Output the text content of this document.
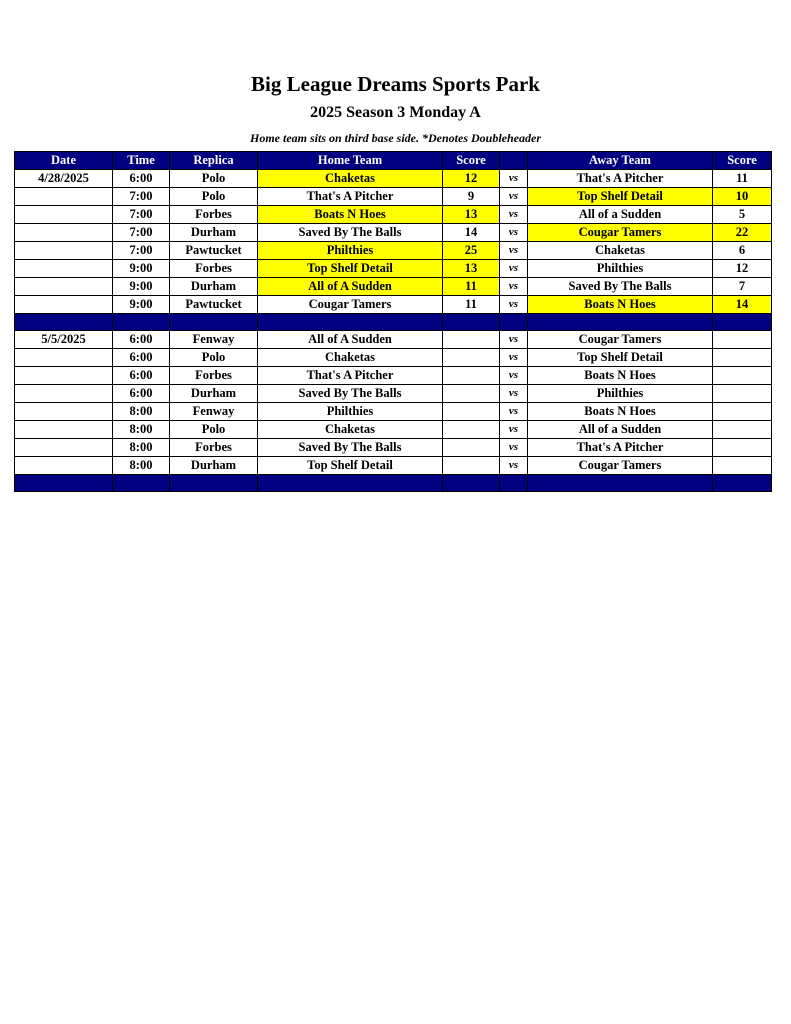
Big League Dreams Sports Park
2025 Season 3 Monday A
Home team sits on third base side. *Denotes Doubleheader
Date	Time	Replica	Home Team	Score		Away Team	Score
4/28/2025	6:00	Polo	Chaketas	12	vs	That's A Pitcher	11
	7:00	Polo	That's A Pitcher	9	vs	Top Shelf Detail	10
	7:00	Forbes	Boats N Hoes	13	vs	All of a Sudden	5
	7:00	Durham	Saved By The Balls	14	vs	Cougar Tamers	22
	7:00	Pawtucket	Philthies	25	vs	Chaketas	6
	9:00	Forbes	Top Shelf Detail	13	vs	Philthies	12
	9:00	Durham	All of A Sudden	11	vs	Saved By The Balls	7
	9:00	Pawtucket	Cougar Tamers	11	vs	Boats N Hoes	14

5/5/2025	6:00	Fenway	All of A Sudden		vs	Cougar Tamers	
	6:00	Polo	Chaketas		vs	Top Shelf Detail	
	6:00	Forbes	That's A Pitcher		vs	Boats N Hoes	
	6:00	Durham	Saved By The Balls		vs	Philthies	
	8:00	Fenway	Philthies		vs	Boats N Hoes	
	8:00	Polo	Chaketas		vs	All of a Sudden	
	8:00	Forbes	Saved By The Balls		vs	That's A Pitcher	
	8:00	Durham	Top Shelf Detail		vs	Cougar Tamers	
